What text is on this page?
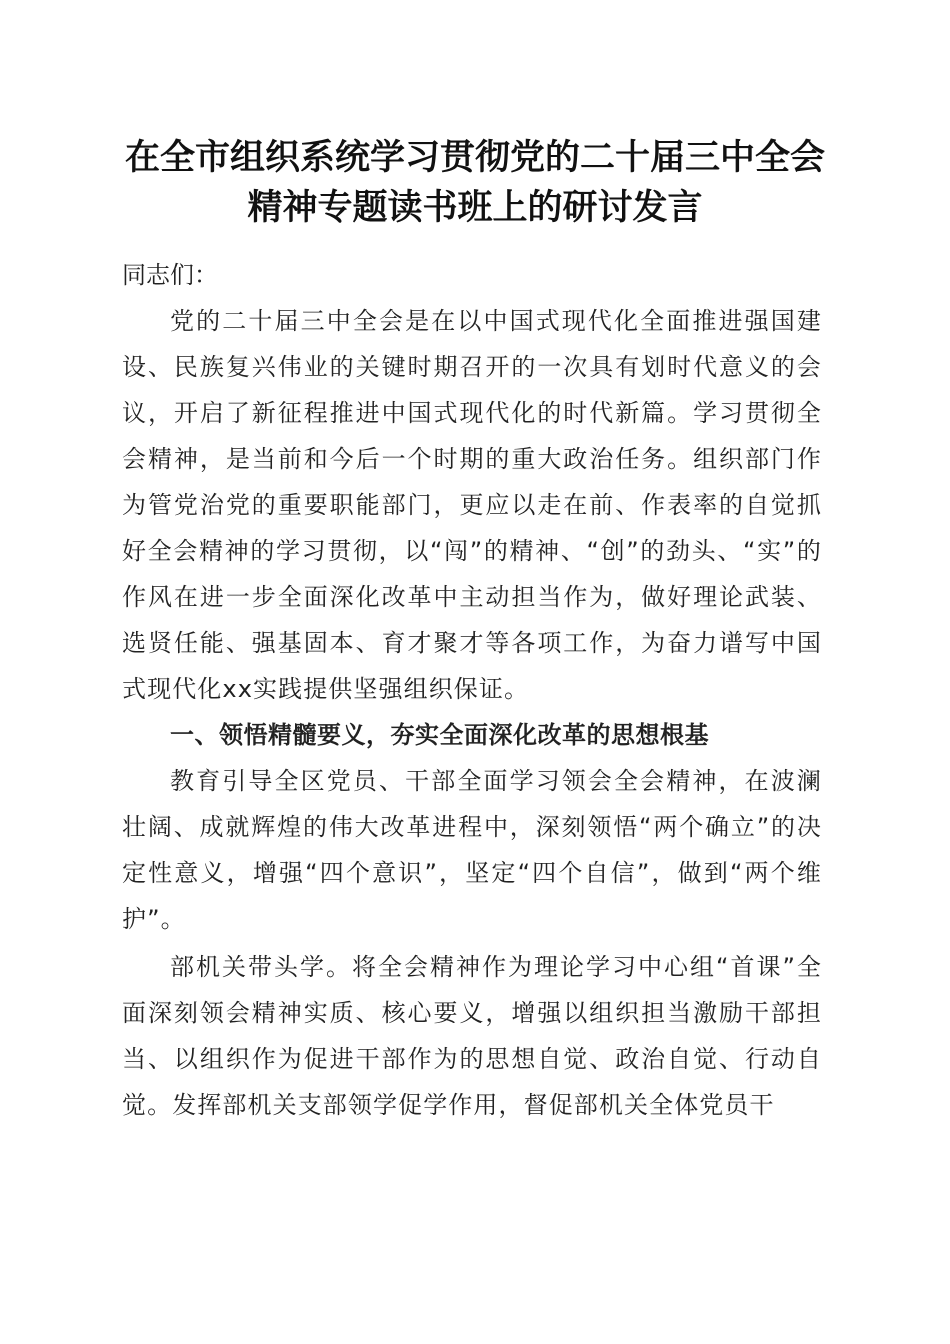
在全市组织系统学习贯彻党的二十届三中全会
精神专题读书班上的研讨发言

同志们：

党的二十届三中全会是在以中国式现代化全面推进强国建设、民族复兴伟业的关键时期召开的一次具有划时代意义的会议，开启了新征程推进中国式现代化的时代新篇。学习贯彻全会精神，是当前和今后一个时期的重大政治任务。组织部门作为管党治党的重要职能部门，更应以走在前、作表率的自觉抓好全会精神的学习贯彻，以“闯”的精神、“创”的劲头、“实”的作风在进一步全面深化改革中主动担当作为，做好理论武装、选贤任能、强基固本、育才聚才等各项工作，为奋力谱写中国式现代化xx实践提供坚强组织保证。

一、领悟精髓要义，夯实全面深化改革的思想根基

教育引导全区党员、干部全面学习领会全会精神，在波澜壮阔、成就辉煌的伟大改革进程中，深刻领悟“两个确立”的决定性意义，增强“四个意识”，坚定“四个自信”，做到“两个维护”。

部机关带头学。将全会精神作为理论学习中心组“首课”全面深刻领会精神实质、核心要义，增强以组织担当激励干部担当、以组织作为促进干部作为的思想自觉、政治自觉、行动自觉。发挥部机关支部领学促学作用，督促部机关全体党员干
